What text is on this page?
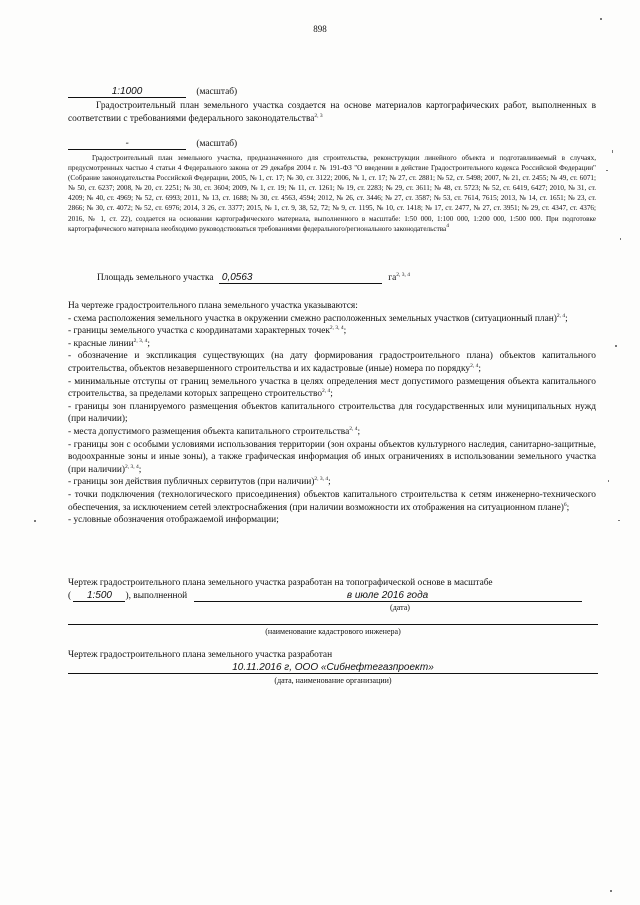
898
1:1000	(масштаб)
Градостроительный план земельного участка создается на основе материалов картографических работ, выполненных в соответствии с требованиями федерального законодательства$^{2, 3}$
-	(масштаб)
Градостроительный план земельного участка, предназначенного для строительства, реконструкции линейного объекта и подготавливаемый в случаях, предусмотренных частью 4 статьи 4 Федерального закона от 29 декабря 2004 г. № 191-ФЗ "О введении в действие Градостроительного кодекса Российской Федерации" (Собрание законодательства Российской Федерации, 2005, № 1, ст. 17; № 30, ст. 3122; 2006, № 1, ст. 17; № 27, ст. 2881; № 52, ст. 5498; 2007, № 21, ст. 2455; № 49, ст. 6071; № 50, ст. 6237; 2008, № 20, ст. 2251; № 30, ст. 3604; 2009, № 1, ст. 19; № 11, ст. 1261; № 19, ст. 2283; № 29, ст. 3611; № 48, ст. 5723; № 52, ст. 6419, 6427; 2010, № 31, ст. 4209; № 40, ст. 4969; № 52, ст. 6993; 2011, № 13, ст. 1688; № 30, ст. 4563, 4594; 2012, № 26, ст. 3446; № 27, ст. 3587; № 53, ст. 7614, 7615; 2013, № 14, ст. 1651; № 23, ст. 2866; № 30, ст. 4072; № 52, ст. 6976; 2014, 3 26, ст. 3377; 2015, № 1, ст. 9, 38, 52, 72; № 9, ст. 1195, № 10, ст. 1418; № 17, ст. 2477, № 27, ст. 3951; № 29, ст. 4347, ст. 4376; 2016, № 1, ст. 22), создается на основании картографического материала, выполненного в масштабе: 1:50 000, 1:100 000, 1:200 000, 1:500 000. При подготовке картографического материала необходимо руководствоваться требованиями федерального/регионального законодательства$^4$
Площадь земельного участка 0,0563	га$^{2, 3, 4}$

На чертеже градостроительного плана земельного участка указываются:

- схема расположения земельного участка в окружении смежно расположенных земельных участков (ситуационный план)$^{2, 4}$;

- границы земельного участка с координатами характерных точек$^{2, 3, 4}$;

- красные линии$^{2, 3, 4}$;

- обозначение и экспликация существующих (на дату формирования градостроительного плана) объектов капитального строительства, объектов незавершенного строительства и их кадастровые (иные) номера по порядку$^{2, 4}$;

- минимальные отступы от границ земельного участка в целях определения мест допустимого размещения объекта капитального строительства, за пределами которых запрещено строительство$^{2, 4}$;

- границы зон планируемого размещения объектов капитального строительства для государственных или муниципальных нужд (при наличии);

- места допустимого размещения объекта капитального строительства$^{2, 4}$;

- границы зон с особыми условиями использования территории (зон охраны объектов культурного наследия, санитарно-защитные, водоохранные зоны и иные зоны), а также графическая информация об иных ограничениях в использовании земельного участка (при наличии)$^{2, 3, 4}$;

- границы зон действия публичных сервитутов (при наличии)$^{2, 3, 4}$;

- точки подключения (технологического присоединения) объектов капитального строительства к сетям инженерно-технического обеспечения, за исключением сетей электроснабжения (при наличии возможности их отображения на ситуационном плане)$^6$;

- условные обозначения отображаемой информации;

Чертеж градостроительного плана земельного участка разработан на топографической основе в масштабе
( 1:500 ), выполненной	в июле 2016 года
(дата)
(наименование кадастрового инженера)
Чертеж градостроительного плана земельного участка разработан
10.11.2016 г, ООО «Сибнефтегазпроект»
(дата, наименование организации)
